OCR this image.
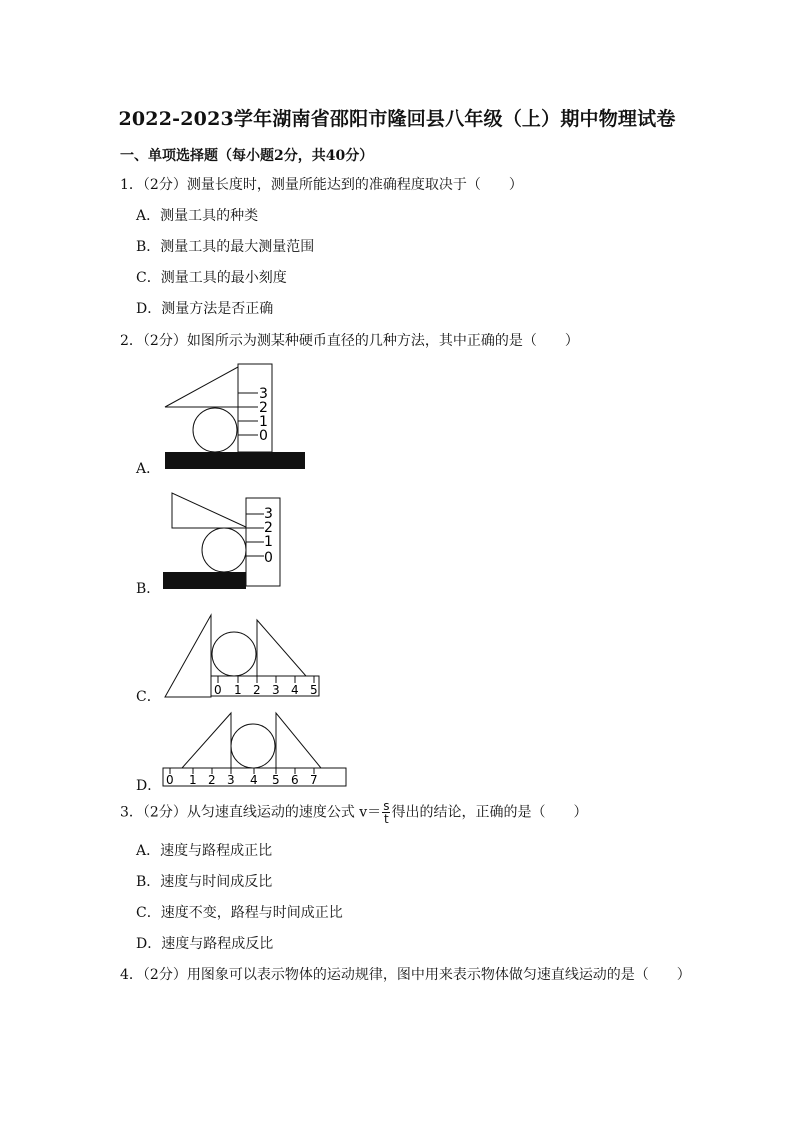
2022-2023学年湖南省邵阳市隆回县八年级（上）期中物理试卷
一、单项选择题（每小题2分，共40分）
1．（2分）测量长度时，测量所能达到的准确程度取决于（　　）
A．测量工具的种类
B．测量工具的最大测量范围
C．测量工具的最小刻度
D．测量方法是否正确
2．（2分）如图所示为测某种硬币直径的几种方法，其中正确的是（　　）
A．
3
2
1
0
B．
3
2
1
0
C．	0 1 2 3 4 5
D． 0 1 2 3 4 5 6 7
3．（2分）从匀速直线运动的速度公式 $v= \frac{s}{t}$ 得出的结论，正确的是（　　）
A．速度与路程成正比
B．速度与时间成反比
C．速度不变，路程与时间成正比
D．速度与路程成反比
4．（2分）用图象可以表示物体的运动规律，图中用来表示物体做匀速直线运动的是（　　）
